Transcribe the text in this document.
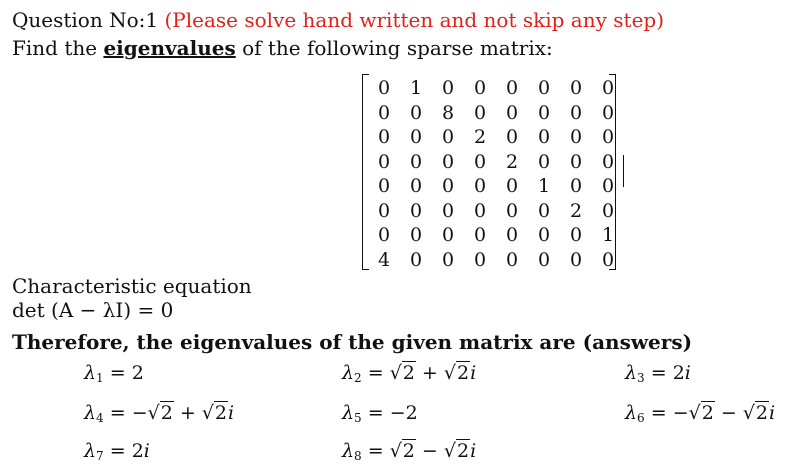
Question No:1 (Please solve hand written and not skip any step)
Find the eigenvalues of the following sparse matrix:
0	1	0	0	0	0	0	0
0	0	8	0	0	0	0	0
0	0	0	2	0	0	0	0
0	0	0	0	2	0	0	0
0	0	0	0	0	1	0	0
0	0	0	0	0	0	2	0
0	0	0	0	0	0	0	1
4	0	0	0	0	0	0	0
Characteristic equation
det (A − λI) = 0
Therefore, the eigenvalues of the given matrix are (answers)
$\lambda_1 = 2$	$\lambda_2 = √2 + √2i$	$\lambda_3 = 2i$
$\lambda_4 = -√2 + √2i$	$\lambda_5 = -2$	$\lambda_6 = -√2 - √2i$
$\lambda_7 = 2i$	$\lambda_8 = √2 - √2i$
